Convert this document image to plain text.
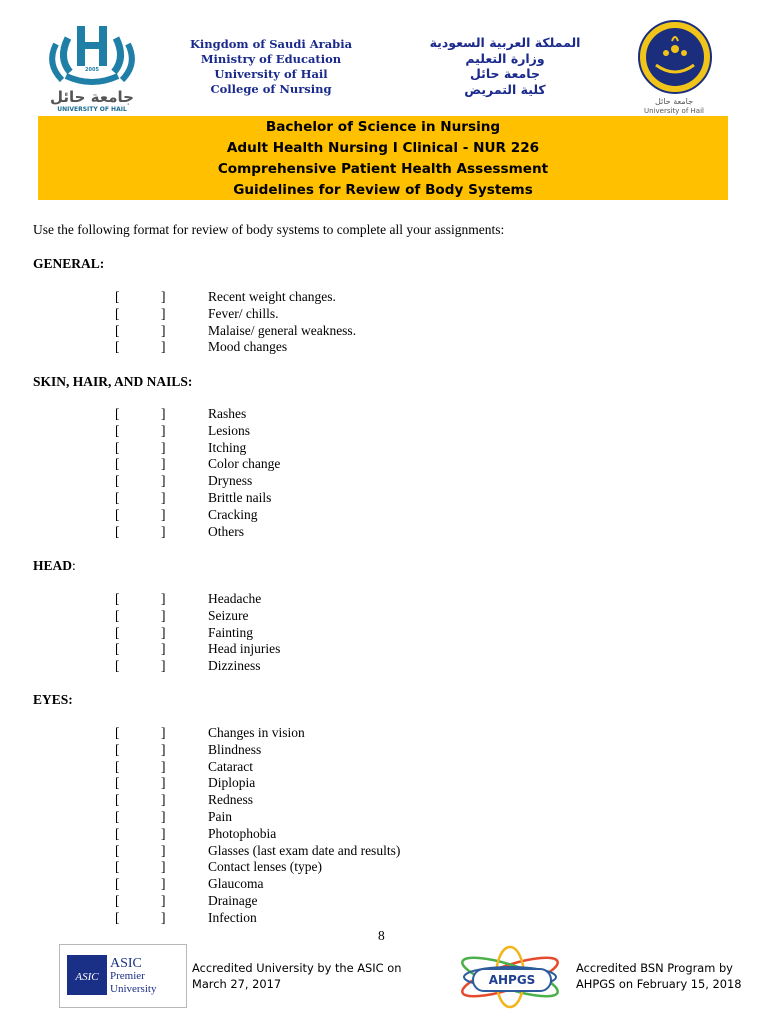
2005
جامعة حائل
UNIVERSITY OF HAIL
Kingdom of Saudi Arabia
Ministry of Education
University of Hail
College of Nursing
المملكة العربية السعودية
وزارة التعليم
جامعة حائل
كلية التمريض
جامعة حائل
University of Hail
Bachelor of Science in Nursing
Adult Health Nursing I Clinical - NUR 226
Comprehensive Patient Health Assessment
Guidelines for Review of Body Systems
Use the following format for review of body systems to complete all your assignments:
GENERAL:
[	]	Recent weight changes.
[	]	Fever/ chills.
[	]	Malaise/ general weakness.
[	]	Mood changes
SKIN, HAIR, AND NAILS:
[	]	Rashes
[	]	Lesions
[	]	Itching
[	]	Color change
[	]	Dryness
[	]	Brittle nails
[	]	Cracking
[	]	Others
HEAD:
[	]	Headache
[	]	Seizure
[	]	Fainting
[	]	Head injuries
[	]	Dizziness
EYES:
[	]	Changes in vision
[	]	Blindness
[	]	Cataract
[	]	Diplopia
[	]	Redness
[	]	Pain
[	]	Photophobia
[	]	Glasses (last exam date and results)
[	]	Contact lenses (type)
[	]	Glaucoma
[	]	Drainage
[	]	Infection
8
ASIC
ASIC
Premier University
Accredited University by the ASIC on
March 27, 2017	AHPGS
Accredited BSN Program by
AHPGS on February 15, 2018
